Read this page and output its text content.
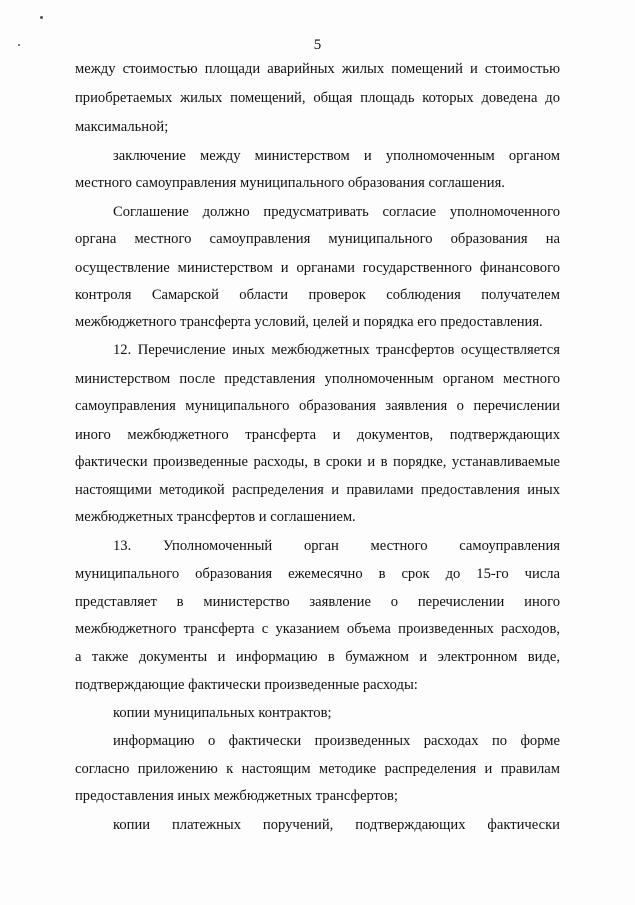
5
между стоимостью площади аварийных жилых помещений и стоимостью
приобретаемых жилых помещений, общая площадь которых доведена до
максимальной;
заключение между министерством и уполномоченным органом
местного самоуправления муниципального образования соглашения.
Соглашение должно предусматривать согласие уполномоченного
органа местного самоуправления муниципального образования на
осуществление министерством и органами государственного финансового
контроля Самарской области проверок соблюдения получателем
межбюджетного трансферта условий, целей и порядка его предоставления.
12. Перечисление иных межбюджетных трансфертов осуществляется
министерством после представления уполномоченным органом местного
самоуправления муниципального образования заявления о перечислении
иного межбюджетного трансферта и документов, подтверждающих
фактически произведенные расходы, в сроки и в порядке, устанавливаемые
настоящими методикой распределения и правилами предоставления иных
межбюджетных трансфертов и соглашением.
13. Уполномоченный орган местного самоуправления
муниципального образования ежемесячно в срок до 15-го числа
представляет в министерство заявление о перечислении иного
межбюджетного трансферта с указанием объема произведенных расходов,
а также документы и информацию в бумажном и электронном виде,
подтверждающие фактически произведенные расходы:
копии муниципальных контрактов;
информацию о фактически произведенных расходах по форме
согласно приложению к настоящим методике распределения и правилам
предоставления иных межбюджетных трансфертов;
копии платежных поручений, подтверждающих фактически
